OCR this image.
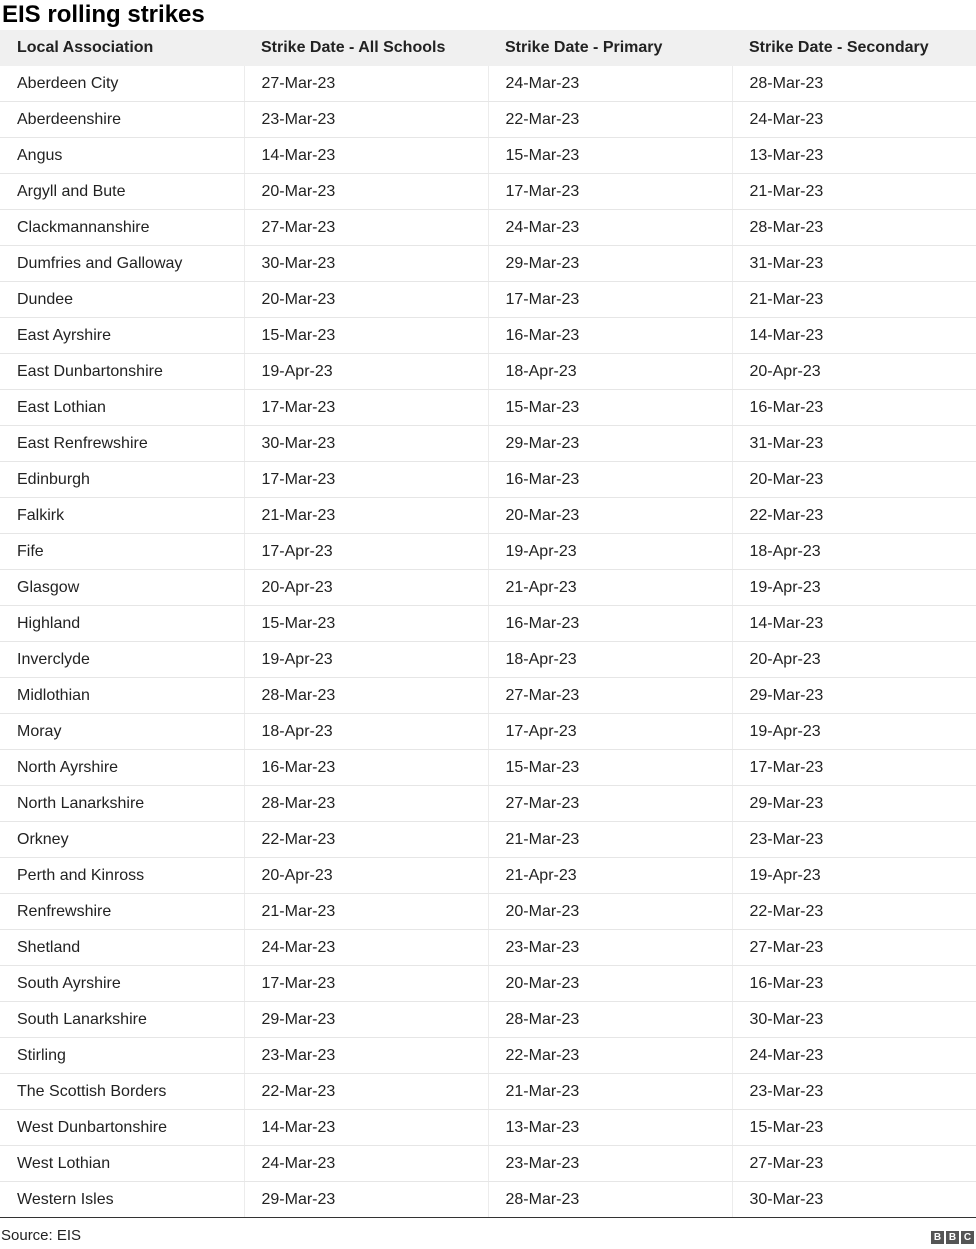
EIS rolling strikes
Local Association	Strike Date - All Schools	Strike Date - Primary	Strike Date - Secondary
Aberdeen City	27-Mar-23	24-Mar-23	28-Mar-23
Aberdeenshire	23-Mar-23	22-Mar-23	24-Mar-23
Angus	14-Mar-23	15-Mar-23	13-Mar-23
Argyll and Bute	20-Mar-23	17-Mar-23	21-Mar-23
Clackmannanshire	27-Mar-23	24-Mar-23	28-Mar-23
Dumfries and Galloway	30-Mar-23	29-Mar-23	31-Mar-23
Dundee	20-Mar-23	17-Mar-23	21-Mar-23
East Ayrshire	15-Mar-23	16-Mar-23	14-Mar-23
East Dunbartonshire	19-Apr-23	18-Apr-23	20-Apr-23
East Lothian	17-Mar-23	15-Mar-23	16-Mar-23
East Renfrewshire	30-Mar-23	29-Mar-23	31-Mar-23
Edinburgh	17-Mar-23	16-Mar-23	20-Mar-23
Falkirk	21-Mar-23	20-Mar-23	22-Mar-23
Fife	17-Apr-23	19-Apr-23	18-Apr-23
Glasgow	20-Apr-23	21-Apr-23	19-Apr-23
Highland	15-Mar-23	16-Mar-23	14-Mar-23
Inverclyde	19-Apr-23	18-Apr-23	20-Apr-23
Midlothian	28-Mar-23	27-Mar-23	29-Mar-23
Moray	18-Apr-23	17-Apr-23	19-Apr-23
North Ayrshire	16-Mar-23	15-Mar-23	17-Mar-23
North Lanarkshire	28-Mar-23	27-Mar-23	29-Mar-23
Orkney	22-Mar-23	21-Mar-23	23-Mar-23
Perth and Kinross	20-Apr-23	21-Apr-23	19-Apr-23
Renfrewshire	21-Mar-23	20-Mar-23	22-Mar-23
Shetland	24-Mar-23	23-Mar-23	27-Mar-23
South Ayrshire	17-Mar-23	20-Mar-23	16-Mar-23
South Lanarkshire	29-Mar-23	28-Mar-23	30-Mar-23
Stirling	23-Mar-23	22-Mar-23	24-Mar-23
The Scottish Borders	22-Mar-23	21-Mar-23	23-Mar-23
West Dunbartonshire	14-Mar-23	13-Mar-23	15-Mar-23
West Lothian	24-Mar-23	23-Mar-23	27-Mar-23
Western Isles	29-Mar-23	28-Mar-23	30-Mar-23
Source: EIS	B B C
